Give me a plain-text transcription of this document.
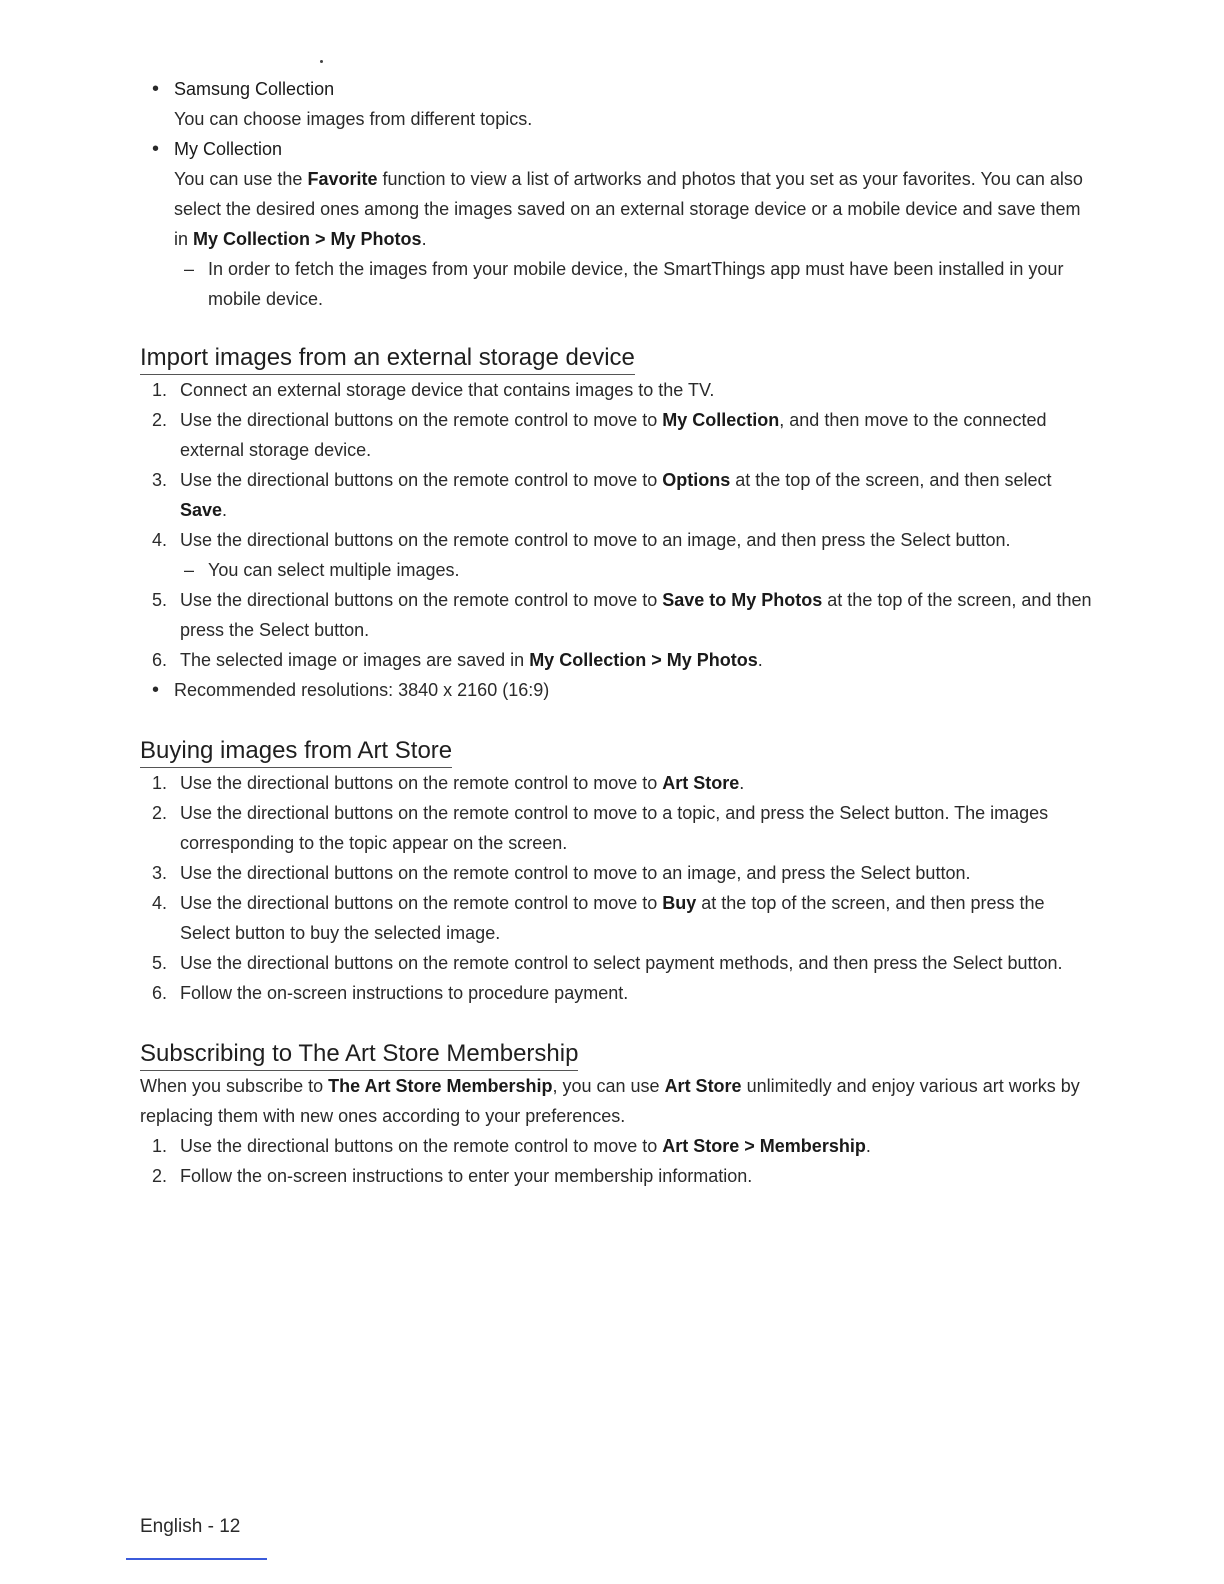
• Samsung Collection
You can choose images from different topics.
• My Collection
You can use the Favorite function to view a list of artworks and photos that you set as your favorites. You can also select the desired ones among the images saved on an external storage device or a mobile device and save them in My Collection > My Photos.
– In order to fetch the images from your mobile device, the SmartThings app must have been installed in your mobile device.
Import images from an external storage device
1. Connect an external storage device that contains images to the TV.
2. Use the directional buttons on the remote control to move to My Collection, and then move to the connected external storage device.
3. Use the directional buttons on the remote control to move to Options at the top of the screen, and then select Save.
4. Use the directional buttons on the remote control to move to an image, and then press the Select button.
– You can select multiple images.
5. Use the directional buttons on the remote control to move to Save to My Photos at the top of the screen, and then press the Select button.
6. The selected image or images are saved in My Collection > My Photos.
• Recommended resolutions: 3840 x 2160 (16:9)
Buying images from Art Store
1. Use the directional buttons on the remote control to move to Art Store.
2. Use the directional buttons on the remote control to move to a topic, and press the Select button. The images corresponding to the topic appear on the screen.
3. Use the directional buttons on the remote control to move to an image, and press the Select button.
4. Use the directional buttons on the remote control to move to Buy at the top of the screen, and then press the Select button to buy the selected image.
5. Use the directional buttons on the remote control to select payment methods, and then press the Select button.
6. Follow the on-screen instructions to procedure payment.
Subscribing to The Art Store Membership
When you subscribe to The Art Store Membership, you can use Art Store unlimitedly and enjoy various art works by replacing them with new ones according to your preferences.
1. Use the directional buttons on the remote control to move to Art Store > Membership.
2. Follow the on-screen instructions to enter your membership information.
English - 12
